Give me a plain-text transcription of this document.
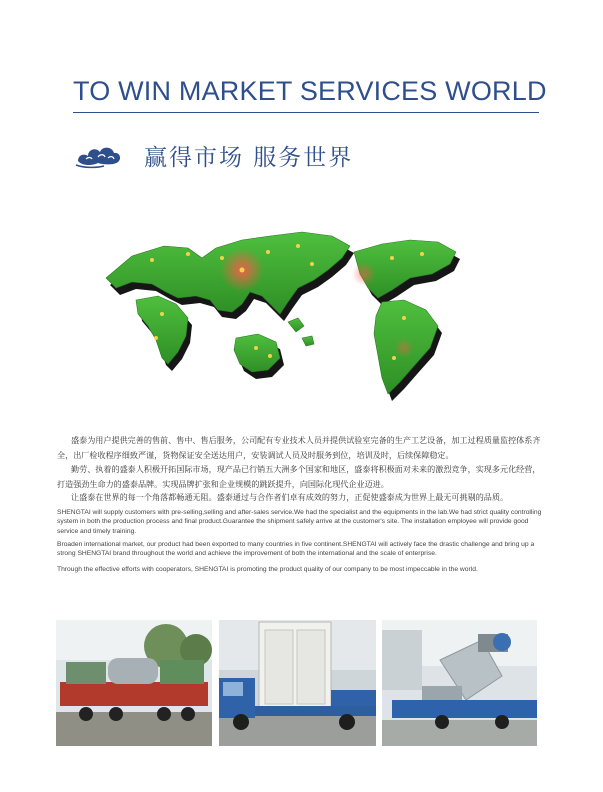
TO WIN MARKET SERVICES WORLD
赢得市场 服务世界

盛泰为用户提供完善的售前、售中、售后服务，公司配有专业技术人员并提供试验室完备的生产工艺设备，加工过程质量监控体系齐全，出厂检收程序细致严谨，货物保证安全送达用户，安装调试人员及时服务到位，培训及时，后续保障稳定。

勤劳、执着的盛泰人积极开拓国际市场，现产品已行销五大洲多个国家和地区，盛泰将积极面对未来的激烈竞争，实现多元化经营，打造强劲生命力的盛泰品牌。实现品牌扩张和企业规模的跳跃提升，向国际化现代企业迈进。

让盛泰在世界的每一个角落都畅通无阻。盛泰通过与合作者们卓有成效的努力，正促使盛泰成为世界上最无可挑剔的品质。

SHENGTAI will supply customers with pre-selling,selling and after-sales service.We had the specialist and the equipments in the lab.We had strict quality controlling system in both the production process and final product.Guarantee the shipment safely arrive at the customer's site. The installation employee will provide good service and timely training.

Broaden international market, our product had been exported to many countries in five continent.SHENGTAI will actively face the drastic challenge and bring up a strong SHENGTAI brand throughout the world and achieve the improvement of both the international and the scale of enterprise.

Through the effective efforts with cooperators, SHENGTAI is promoting the product quality of our company to be most impeccable in the world.
